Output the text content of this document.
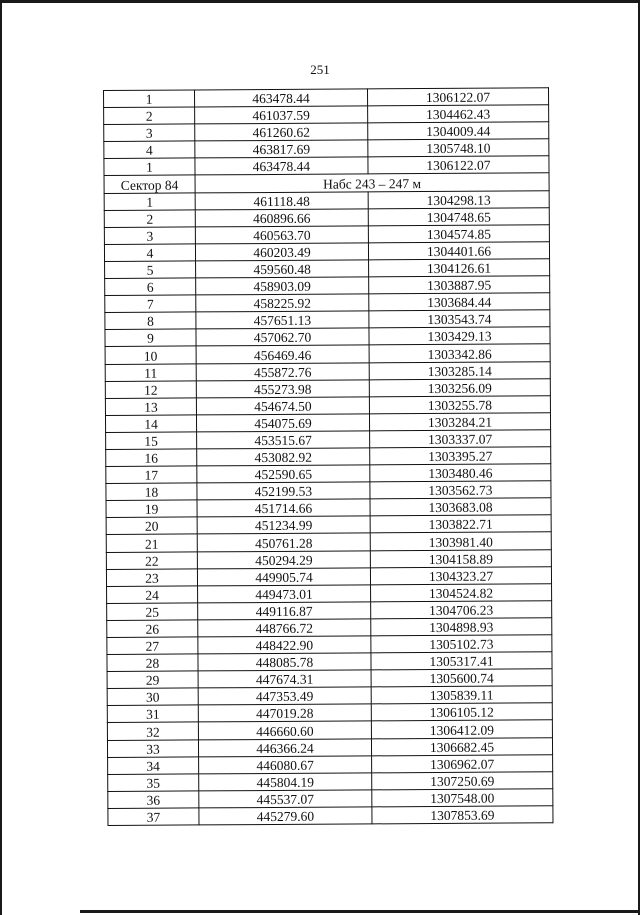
251
1	463478.44	1306122.07
2	461037.59	1304462.43
3	461260.62	1304009.44
4	463817.69	1305748.10
1	463478.44	1306122.07
Сектор 84	Набс 243 – 247 м	
1	461118.48	1304298.13
2	460896.66	1304748.65
3	460563.70	1304574.85
4	460203.49	1304401.66
5	459560.48	1304126.61
6	458903.09	1303887.95
7	458225.92	1303684.44
8	457651.13	1303543.74
9	457062.70	1303429.13
10	456469.46	1303342.86
11	455872.76	1303285.14
12	455273.98	1303256.09
13	454674.50	1303255.78
14	454075.69	1303284.21
15	453515.67	1303337.07
16	453082.92	1303395.27
17	452590.65	1303480.46
18	452199.53	1303562.73
19	451714.66	1303683.08
20	451234.99	1303822.71
21	450761.28	1303981.40
22	450294.29	1304158.89
23	449905.74	1304323.27
24	449473.01	1304524.82
25	449116.87	1304706.23
26	448766.72	1304898.93
27	448422.90	1305102.73
28	448085.78	1305317.41
29	447674.31	1305600.74
30	447353.49	1305839.11
31	447019.28	1306105.12
32	446660.60	1306412.09
33	446366.24	1306682.45
34	446080.67	1306962.07
35	445804.19	1307250.69
36	445537.07	1307548.00
37	445279.60	1307853.69
